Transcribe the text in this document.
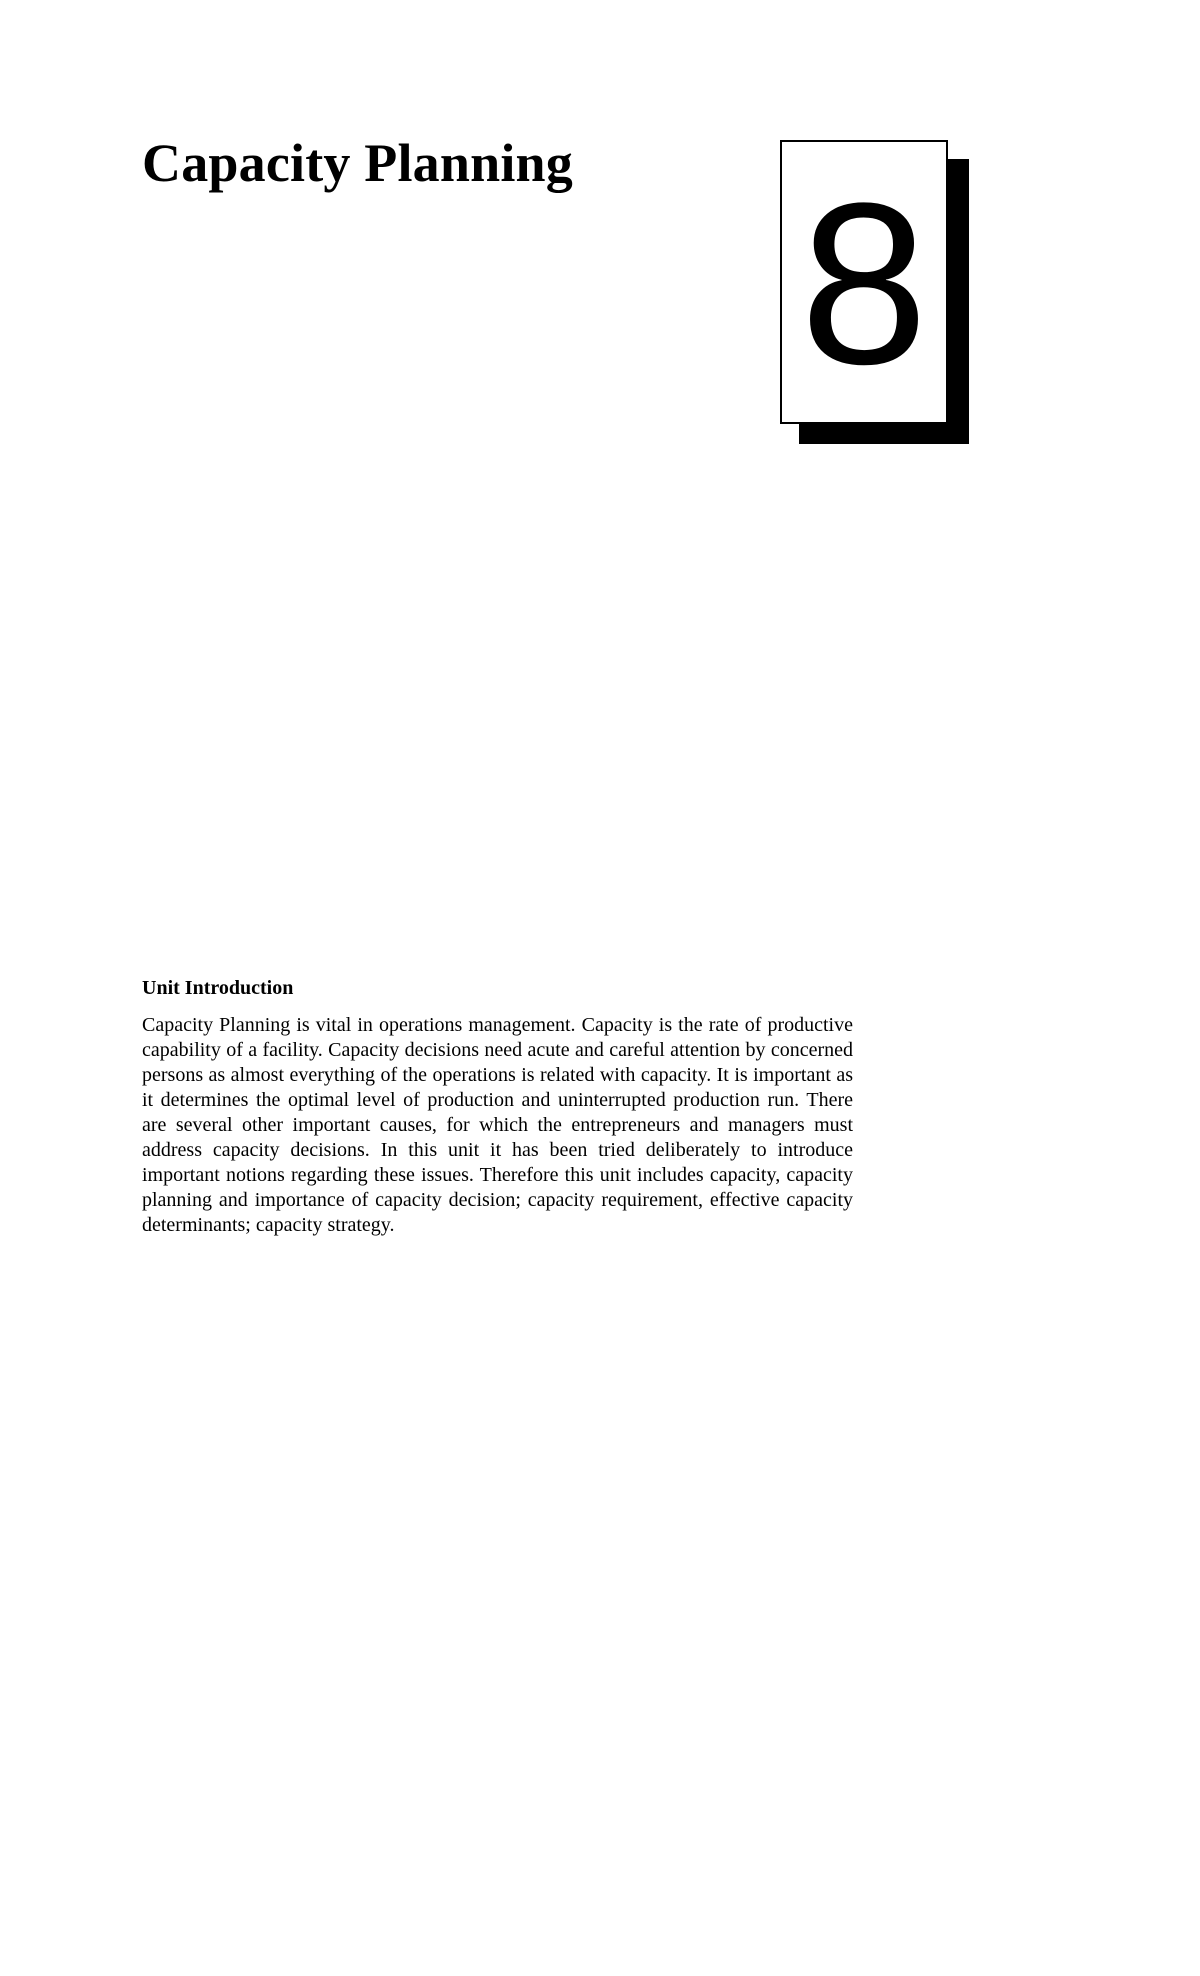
Capacity Planning 8
Unit Introduction

Capacity Planning is vital in operations management. Capacity is the rate of productive capability of a facility. Capacity decisions need acute and careful attention by concerned persons as almost everything of the operations is related with capacity. It is important as it determines the optimal level of production and uninterrupted production run. There are several other important causes, for which the entrepreneurs and managers must address capacity decisions. In this unit it has been tried deliberately to introduce important notions regarding these issues. Therefore this unit includes capacity, capacity planning and importance of capacity decision; capacity requirement, effective capacity determinants; capacity strategy.
